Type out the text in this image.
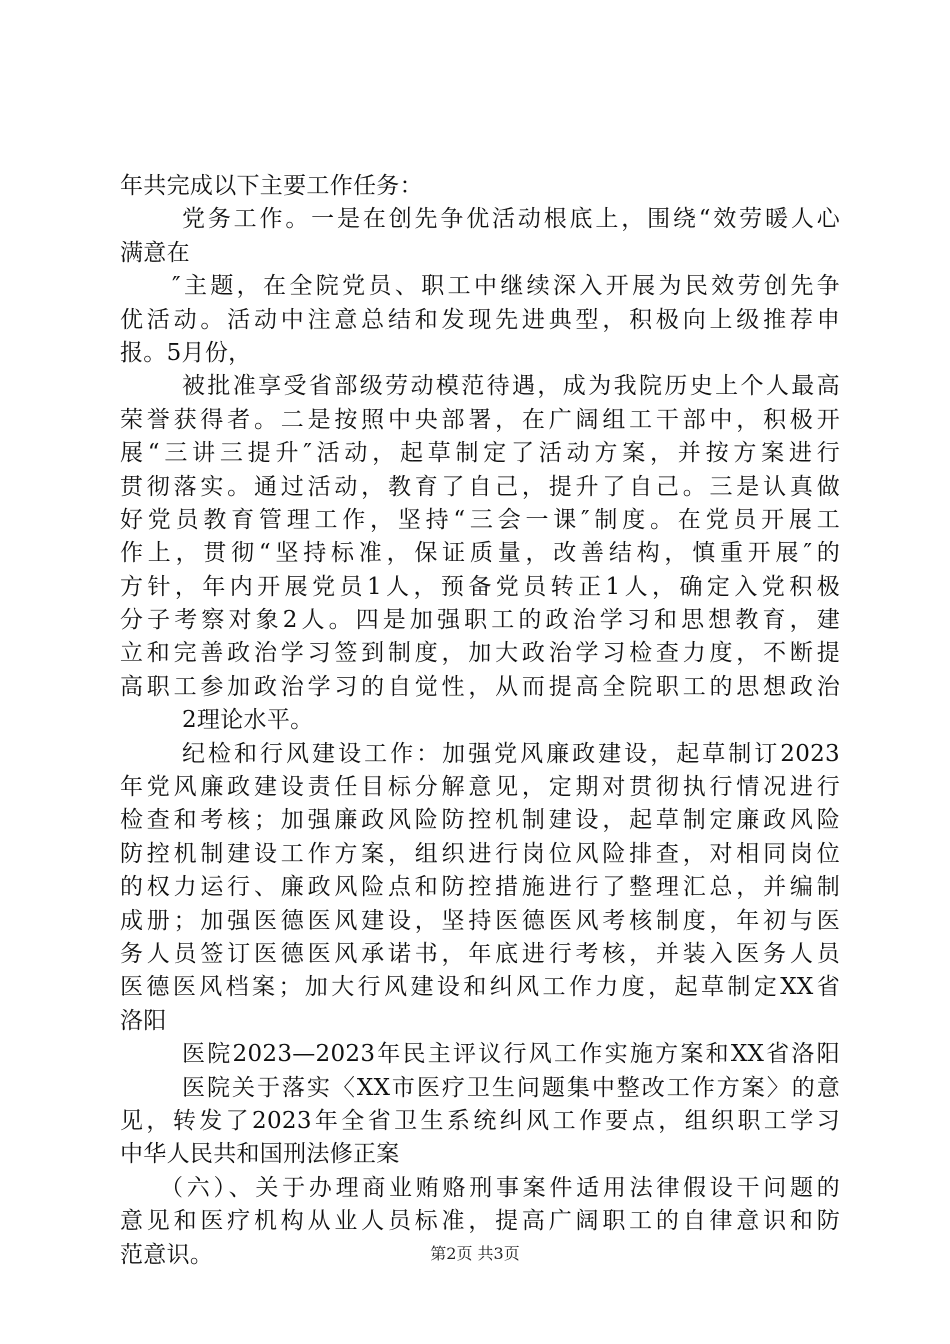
年共完成以下主要工作任务：
党务工作。一是在创先争优活动根底上，围绕“效劳暖人心
满意在
″主题，在全院党员、职工中继续深入开展为民效劳创先争
优活动。活动中注意总结和发现先进典型，积极向上级推荐申
报。5月份，
被批准享受省部级劳动模范待遇，成为我院历史上个人最高
荣誉获得者。二是按照中央部署，在广阔组工干部中，积极开
展“三讲三提升″活动，起草制定了活动方案，并按方案进行
贯彻落实。通过活动，教育了自己，提升了自己。三是认真做
好党员教育管理工作，坚持“三会一课″制度。在党员开展工
作上，贯彻“坚持标准，保证质量，改善结构，慎重开展″的
方针，年内开展党员1人，预备党员转正1人，确定入党积极
分子考察对象2人。四是加强职工的政治学习和思想教育，建
立和完善政治学习签到制度，加大政治学习检查力度，不断提
高职工参加政治学习的自觉性，从而提高全院职工的思想政治
2理论水平。
纪检和行风建设工作：加强党风廉政建设，起草制订2023
年党风廉政建设责任目标分解意见，定期对贯彻执行情况进行
检查和考核；加强廉政风险防控机制建设，起草制定廉政风险
防控机制建设工作方案，组织进行岗位风险排查，对相同岗位
的权力运行、廉政风险点和防控措施进行了整理汇总，并编制
成册；加强医德医风建设，坚持医德医风考核制度，年初与医
务人员签订医德医风承诺书，年底进行考核，并装入医务人员
医德医风档案；加大行风建设和纠风工作力度，起草制定XX省
洛阳
医院2023—2023年民主评议行风工作实施方案和XX省洛阳
医院关于落实〈XX市医疗卫生问题集中整改工作方案〉的意
见，转发了2023年全省卫生系统纠风工作要点，组织职工学习
中华人民共和国刑法修正案
（六）、关于办理商业贿赂刑事案件适用法律假设干问题的
意见和医疗机构从业人员标准，提高广阔职工的自律意识和防
范意识。	第2页 共3页
